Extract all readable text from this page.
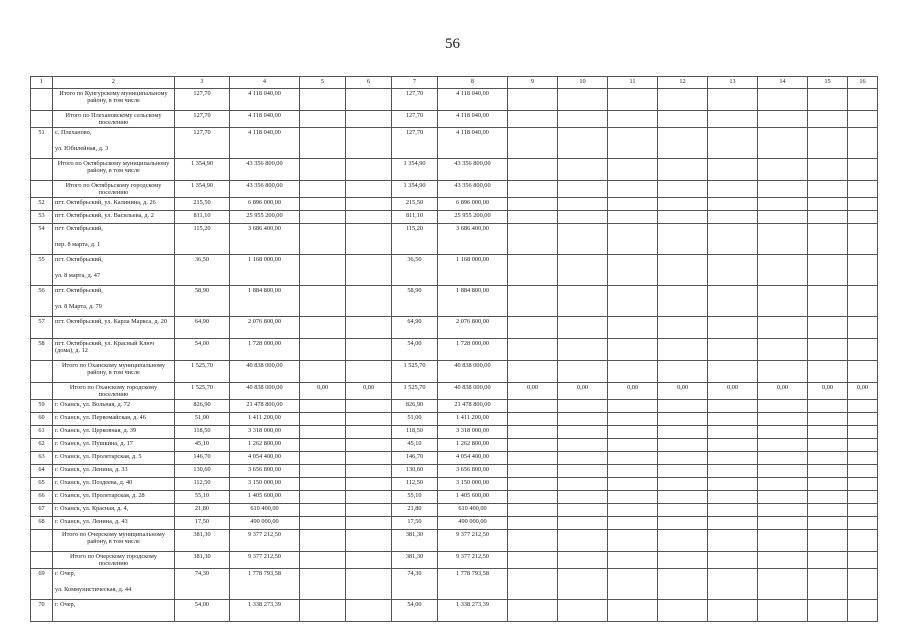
56
1	2	3	4	5	6	7	8	9	10	11	12	13	14	15	16
	Итого по Кунгурскому муниципальному району, в том числе	127,70	4 118 040,00			127,70	4 118 040,00								
	Итого по Плехановскому сельскому поселению	127,70	4 118 040,00			127,70	4 118 040,00								
51	с. Плеханово,
ул. Юбилейная, д. 3	127,70	4 118 040,00			127,70	4 118 040,00								
	Итого по Октябрьскому муниципальному району, в том числе	1 354,90	43 356 800,00			1 354,90	43 356 800,00								
	Итого по Октябрьскому городскому поселению	1 354,90	43 356 800,00			1 354,90	43 356 800,00								
52	пгт. Октябрьский, ул. Калинина, д. 26	215,50	6 896 000,00			215,50	6 896 000,00								
53	пгт. Октябрьский, ул. Васильева, д. 2	811,10	25 955 200,00			811,10	25 955 200,00								
54	пгт. Октябрьский,
пер. 8 марта, д. 1	115,20	3 686 400,00			115,20	3 686 400,00								
55	пгт. Октябрьский,
ул. 8 марта, д. 47	36,50	1 168 000,00			36,50	1 168 000,00								
56	пгт. Октябрьский,
ул. 8 Марта, д. 79	58,90	1 884 800,00			58,90	1 884 800,00								
57	пгт. Октябрьский, ул. Карла Маркса, д. 20	64,90	2 076 800,00			64,90	2 076 800,00								
58	пгт. Октябрьский, ул. Красный Ключ (дома), д. 12	54,00	1 728 000,00			54,00	1 728 000,00								
	Итого по Оханскому муниципальному району, в том числе	1 525,70	40 838 000,00			1 525,70	40 838 000,00								
	Итого по Оханскому городскому поселению	1 525,70	40 838 000,00	0,00	0,00	1 525,70	40 838 000,00	0,00	0,00	0,00	0,00	0,00	0,00	0,00	0,00
59	г. Оханск, ул. Вольная, д. 72	826,90	21 478 800,00			826,90	21 478 800,00								
60	г. Оханск, ул. Первомайская, д. 46	51,00	1 411 200,00			51,00	1 411 200,00								
61	г. Оханск, ул. Церковная, д. 39	118,50	3 318 000,00			118,50	3 318 000,00								
62	г. Оханск, ул. Пушкина, д. 17	45,10	1 262 800,00			45,10	1 262 800,00								
63	г. Оханск, ул. Пролетарская, д. 5	146,70	4 054 400,00			146,70	4 054 400,00								
64	г. Оханск, ул. Ленина, д. 33	130,60	3 656 800,00			130,60	3 656 800,00								
65	г. Оханск, ул. Поздеева, д. 40	112,50	3 150 000,00			112,50	3 150 000,00								
66	г. Оханск, ул. Пролетарская, д. 28	55,10	1 405 600,00			55,10	1 405 600,00								
67	г. Оханск, ул. Красная, д. 4,	21,80	610 400,00			21,80	610 400,00								
68	г. Оханск, ул. Ленина, д. 43	17,50	490 000,00			17,50	490 000,00								
	Итого по Очерскому муниципальному району, в том числе	381,30	9 377 212,50			381,30	9 377 212,50								
	Итого по Очерскому городскому поселению	381,30	9 377 212,50			381,30	9 377 212,50								
69	г. Очер,
ул. Коммунистическая, д. 44	74,30	1 778 793,58			74,30	1 778 793,58								
70	г. Очер,	54,00	1 338 273,39			54,00	1 338 273,39								
